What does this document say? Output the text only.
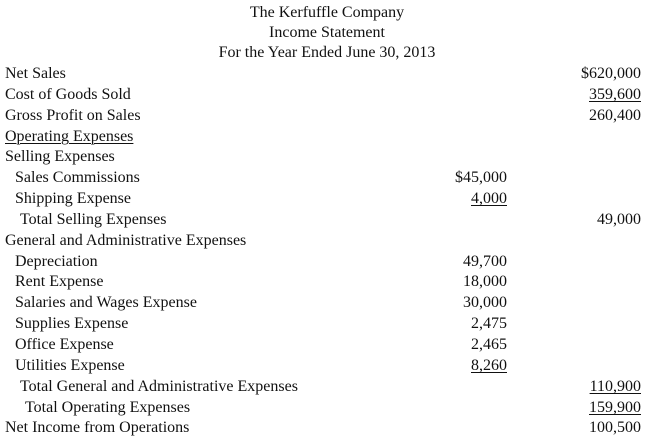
The Kerfuffle Company
Income Statement
For the Year Ended June 30, 2013
Net Sales	$620,000
Cost of Goods Sold	359,600
Gross Profit on Sales	260,400
Operating Expenses
Selling Expenses
Sales Commissions	$45,000
Shipping Expense	4,000
Total Selling Expenses	49,000
General and Administrative Expenses
Depreciation	49,700
Rent Expense	18,000
Salaries and Wages Expense	30,000
Supplies Expense	2,475
Office Expense	2,465
Utilities Expense	8,260
Total General and Administrative Expenses	110,900
Total Operating Expenses	159,900
Net Income from Operations	100,500
